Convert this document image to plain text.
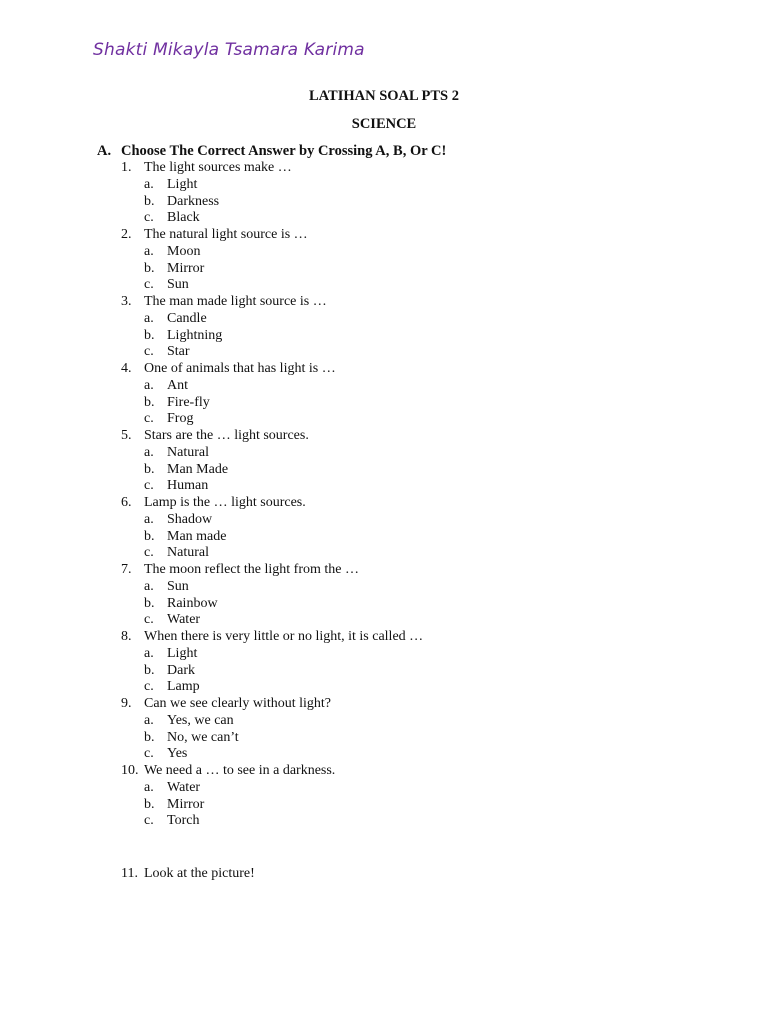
Shakti Mikayla Tsamara Karima
LATIHAN SOAL PTS 2
SCIENCE
A. Choose The Correct Answer by Crossing A, B, Or C!
1. The light sources make …
a. Light
b. Darkness
c. Black
2. The natural light source is …
a. Moon
b. Mirror
c. Sun
3. The man made light source is …
a. Candle
b. Lightning
c. Star
4. One of animals that has light is …
a. Ant
b. Fire-fly
c. Frog
5. Stars are the … light sources.
a. Natural
b. Man Made
c. Human
6. Lamp is the … light sources.
a. Shadow
b. Man made
c. Natural
7. The moon reflect the light from the …
a. Sun
b. Rainbow
c. Water
8. When there is very little or no light, it is called …
a. Light
b. Dark
c. Lamp
9. Can we see clearly without light?
a. Yes, we can
b. No, we can’t
c. Yes
10. We need a … to see in a darkness.
a. Water
b. Mirror
c. Torch
11. Look at the picture!
